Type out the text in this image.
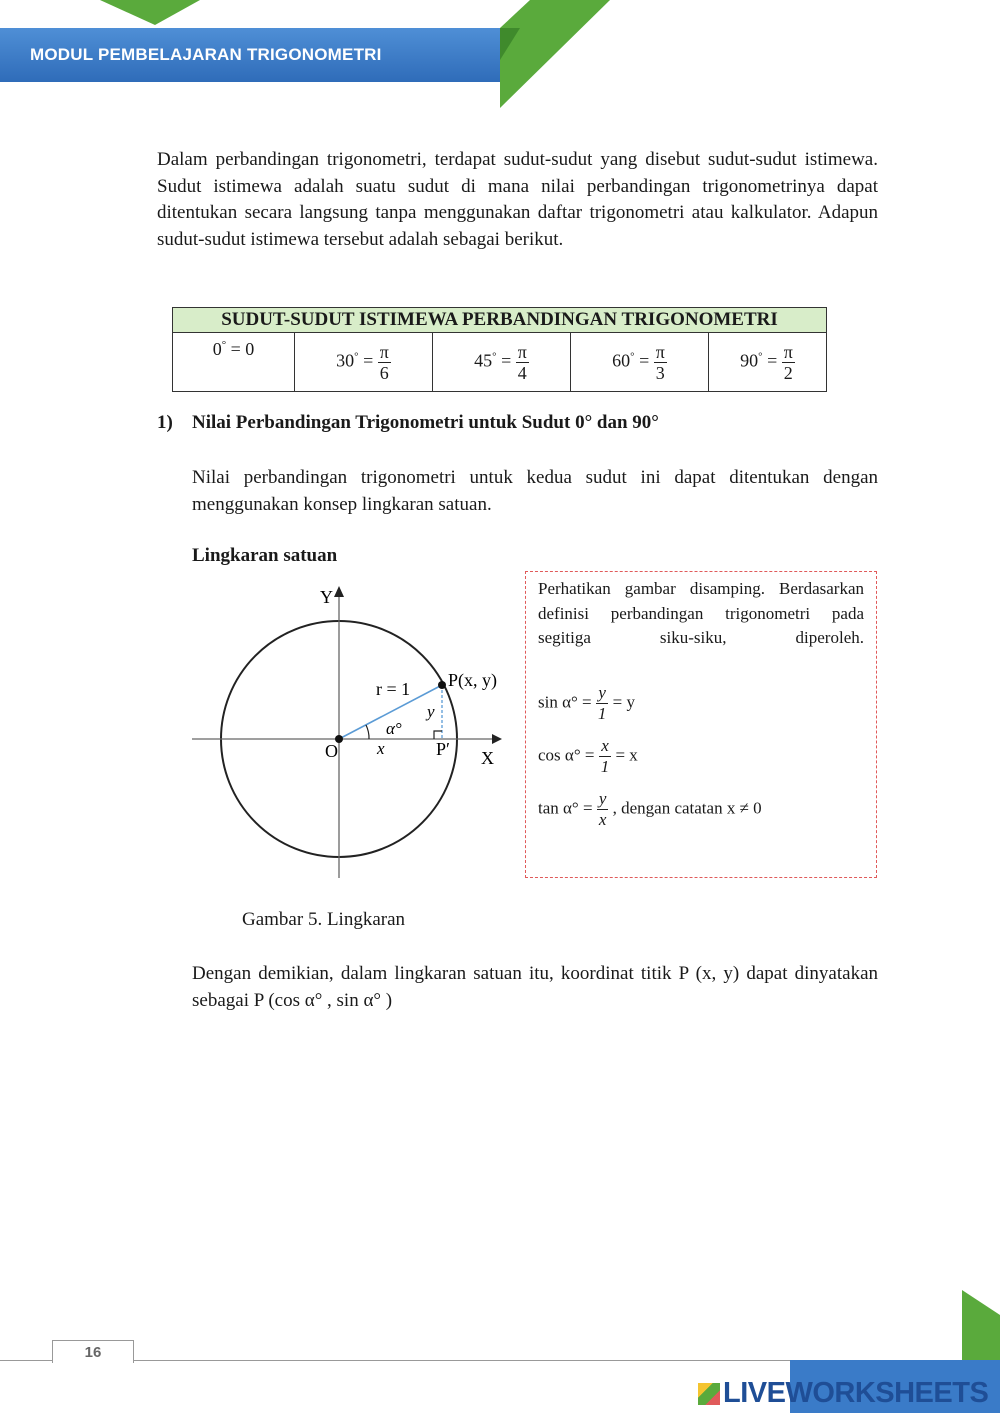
MODUL PEMBELAJARAN TRIGONOMETRI
Dalam perbandingan trigonometri, terdapat sudut-sudut yang disebut sudut-sudut istimewa. Sudut istimewa adalah suatu sudut di mana nilai perbandingan trigonometrinya dapat ditentukan secara langsung tanpa menggunakan daftar trigonometri atau kalkulator. Adapun sudut-sudut istimewa tersebut adalah sebagai berikut.
SUDUT-SUDUT ISTIMEWA PERBANDINGAN TRIGONOMETRI
0° = 0	$30^\circ = \frac{\pi}{6}$	$45^\circ = \frac{\pi}{4}$	$60^\circ = \frac{\pi}{3}$	$90^\circ = \frac{\pi}{2}$
1) Nilai Perbandingan Trigonometri untuk Sudut 0° dan 90°
Nilai perbandingan trigonometri untuk kedua sudut ini dapat ditentukan dengan menggunakan konsep lingkaran satuan.
Lingkaran satuan
Y
X
O
r = 1 P(x, y)
P′
α°
x
y
Perhatikan gambar disamping. Berdasarkan definisi perbandingan trigonometri pada segitiga siku-siku, diperoleh.
$\sin \alpha^\circ = \frac{y}{1} = y$
$\cos \alpha^\circ = \frac{x}{1} = x$
$\tan \alpha^\circ = \frac{y}{x}$ , dengan catatan x ≠ 0
Gambar 5. Lingkaran
Dengan demikian, dalam lingkaran satuan itu, koordinat titik P (x, y) dapat dinyatakan sebagai P (cos α° , sin α° )
16
LIVEWORKSHEETS
